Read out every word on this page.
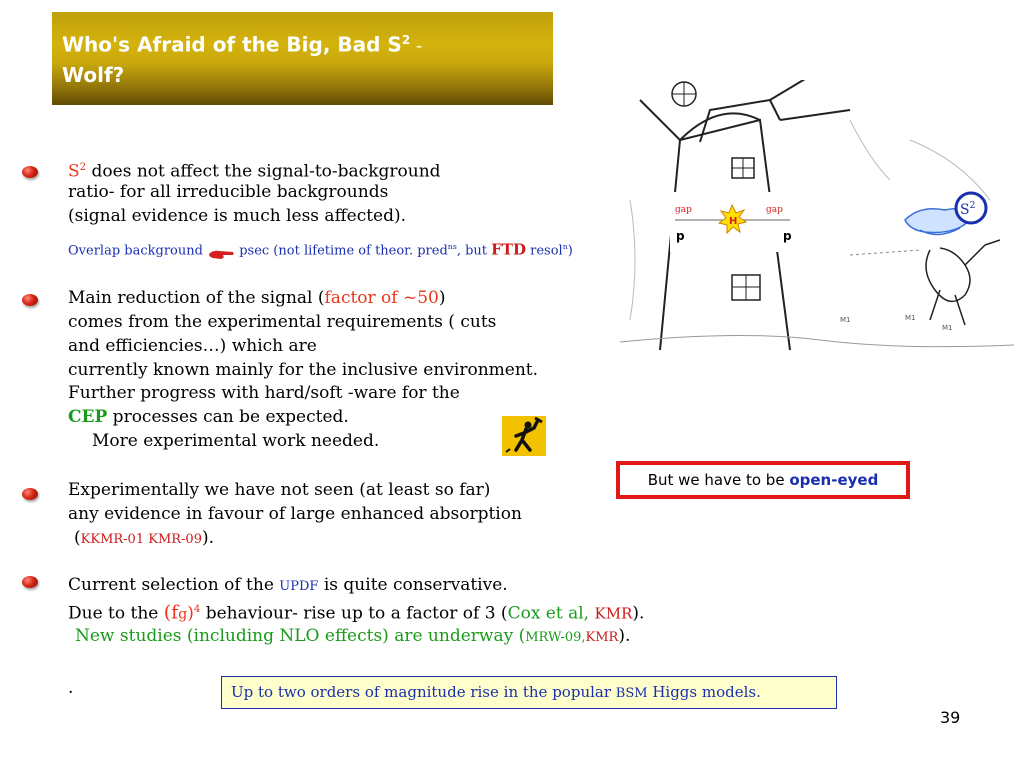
Who's Afraid of the Big, Bad $S^2$ -
Wolf?
gap	gap
p	p
H
$S^2$
M1	M1
M1
$S^2$ does not affect the signal-to-background
ratio- for all irreducible backgrounds
(signal evidence is much less affected).
Overlap background  psec (not lifetime of theor. pred$^{ns}$, but FTD resol$^n$)
Main reduction of the signal (factor of ~50)
comes from the experimental requirements ( cuts
and efficiencies…) which are
currently known mainly for the inclusive environment.
Further progress with hard/soft -ware for the
CEP processes can be expected.
More experimental work needed.
Experimentally we have not seen (at least so far)
any evidence in favour of large enhanced absorption
(KKMR-01 KMR-09).
Current selection of the UPDF is quite conservative.
Due to the (fg)$^4$ behaviour- rise up to a factor of 3 (Cox et al, KMR).
New studies (including NLO effects) are underway (MRW-09,KMR).
.
But we have to be open-eyed
Up to two orders of magnitude rise in the popular BSM Higgs models.
39
